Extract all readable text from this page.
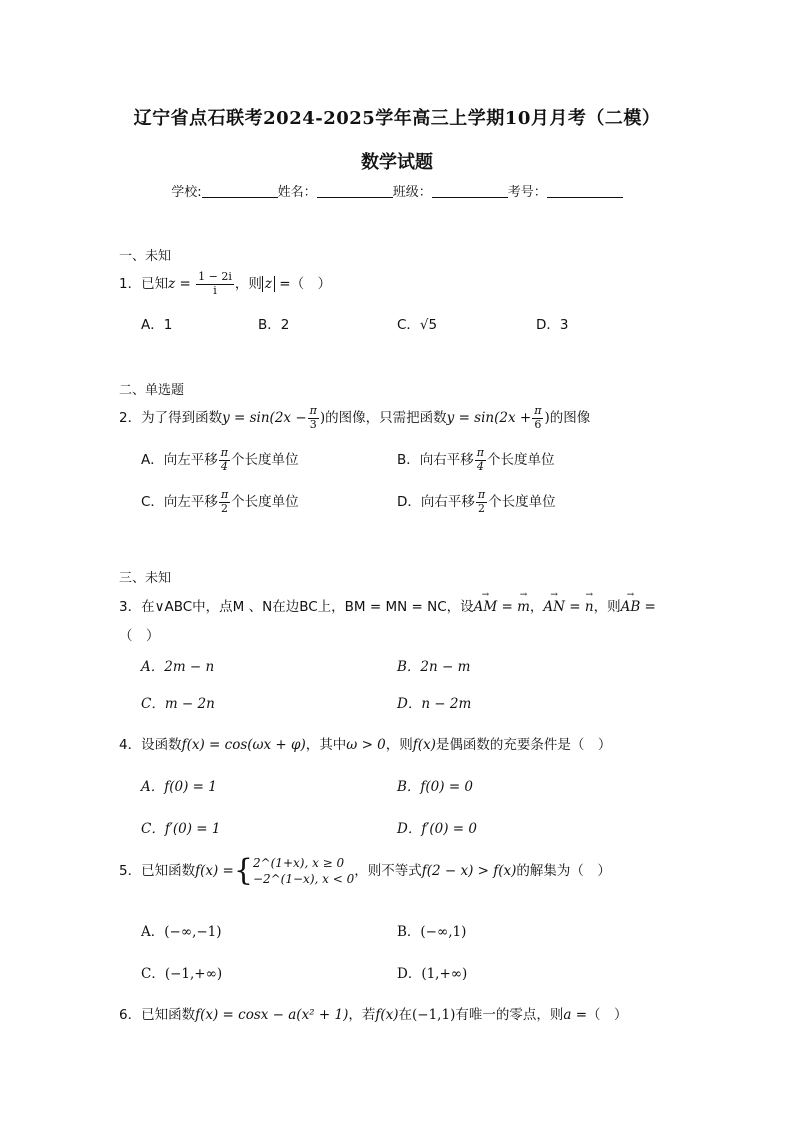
辽宁省点石联考2024-2025学年高三上学期10月月考（二模）
数学试题
学校:	姓名：	班级：	考号：
一、未知
1．已知$z = \frac{1 - 2i}{i}$ ，则 z =（　）
A．1	B．2	C．√5	D．3
二、单选题
2．为了得到函数$y = \sin(2x - \frac{\pi}{3}$ )的图像，只需把函数$y = \sin(2x + \frac{\pi}{6}$ )的图像
A．向左平移 $\frac{\pi}{4}$ 个长度单位	B．向右平移 $\frac{\pi}{4}$ 个长度单位
C．向左平移 $\frac{\pi}{2}$ 个长度单位	D．向右平移 $\frac{\pi}{2}$ 个长度单位
三、未知
3．在∨ABC中，点M 、N在边BC上，BM = MN = NC，设→ AM = → m，→ AN = → n，则→ AB =
（　）
A．2m − n	B．2n − m
C．m − 2n	D．n − 2m
4．设函数f(x) = cos(ωx + φ)，其中ω > 0，则f(x)是偶函数的充要条件是（　）
A．f(0) = 1	B．f(0) = 0
C．f′(0) = 1	D．f′(0) = 0
5．已知函数f(x) ={ 2^(1+x), x ≥ 0
−2^(1−x), x < 0 ，则不等式f(2 − x) > f(x)的解集为（　）
A．(−∞,−1)	B．(−∞,1)
C．(−1,+∞)	D．(1,+∞)
6．已知函数f(x) = cosx − a(x² + 1)，若f(x)在(−1,1)有唯一的零点，则a =（　）
